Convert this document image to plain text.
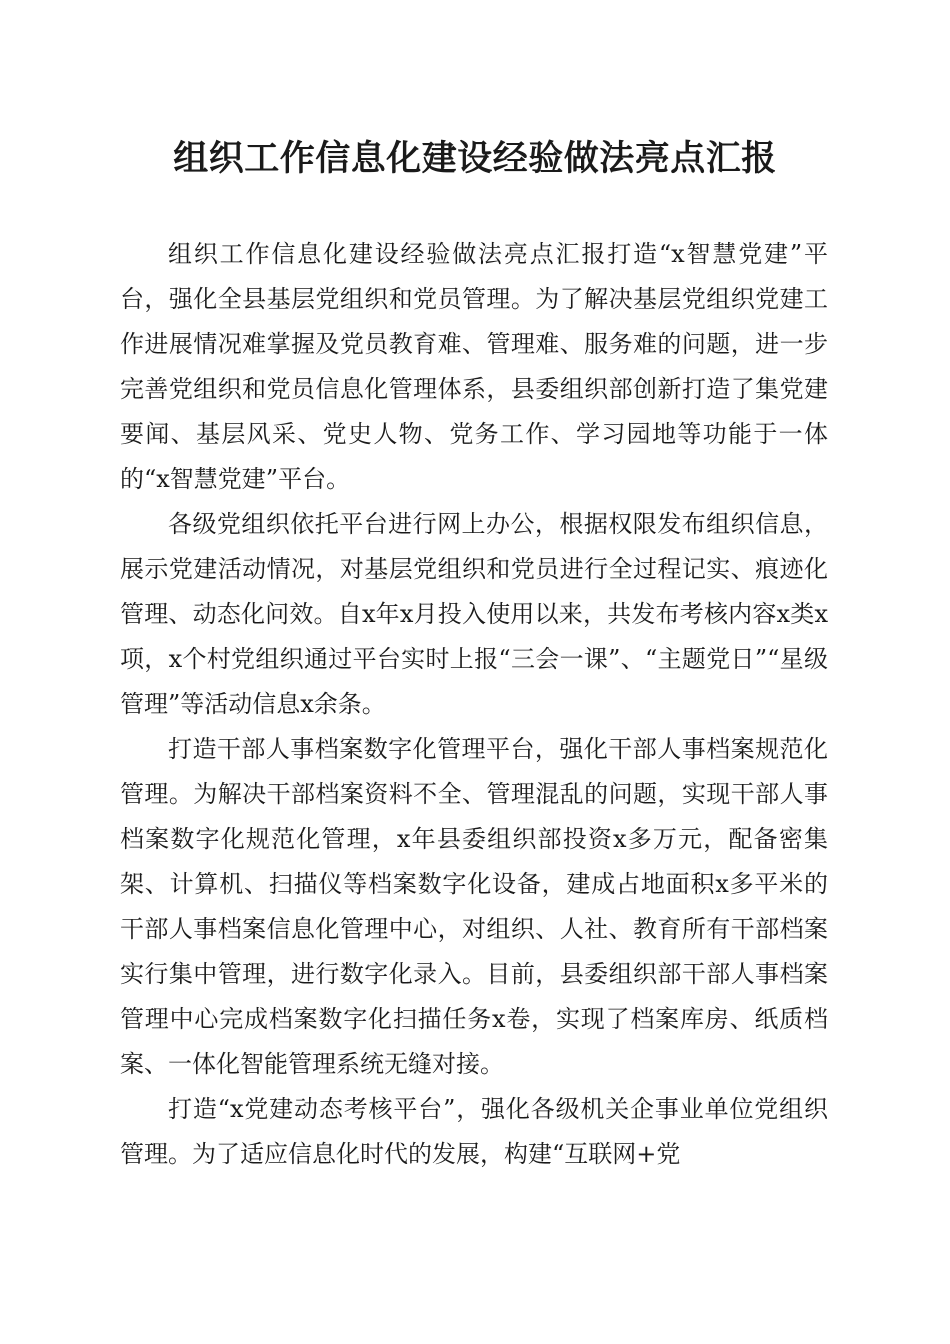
组织工作信息化建设经验做法亮点汇报

组织工作信息化建设经验做法亮点汇报打造“x智慧党建”平台，强化全县基层党组织和党员管理。为了解决基层党组织党建工作进展情况难掌握及党员教育难、管理难、服务难的问题，进一步完善党组织和党员信息化管理体系，县委组织部创新打造了集党建要闻、基层风采、党史人物、党务工作、学习园地等功能于一体的“x智慧党建”平台。

各级党组织依托平台进行网上办公，根据权限发布组织信息，展示党建活动情况，对基层党组织和党员进行全过程记实、痕迹化管理、动态化问效。自x年x月投入使用以来，共发布考核内容x类x项，x个村党组织通过平台实时上报“三会一课”、“主题党日”“星级管理”等活动信息x余条。

打造干部人事档案数字化管理平台，强化干部人事档案规范化管理。为解决干部档案资料不全、管理混乱的问题，实现干部人事档案数字化规范化管理，x年县委组织部投资x多万元，配备密集架、计算机、扫描仪等档案数字化设备，建成占地面积x多平米的干部人事档案信息化管理中心，对组织、人社、教育所有干部档案实行集中管理，进行数字化录入。目前，县委组织部干部人事档案管理中心完成档案数字化扫描任务x卷，实现了档案库房、纸质档案、一体化智能管理系统无缝对接。

打造“x党建动态考核平台”，强化各级机关企事业单位党组织管理。为了适应信息化时代的发展，构建“互联网+党
